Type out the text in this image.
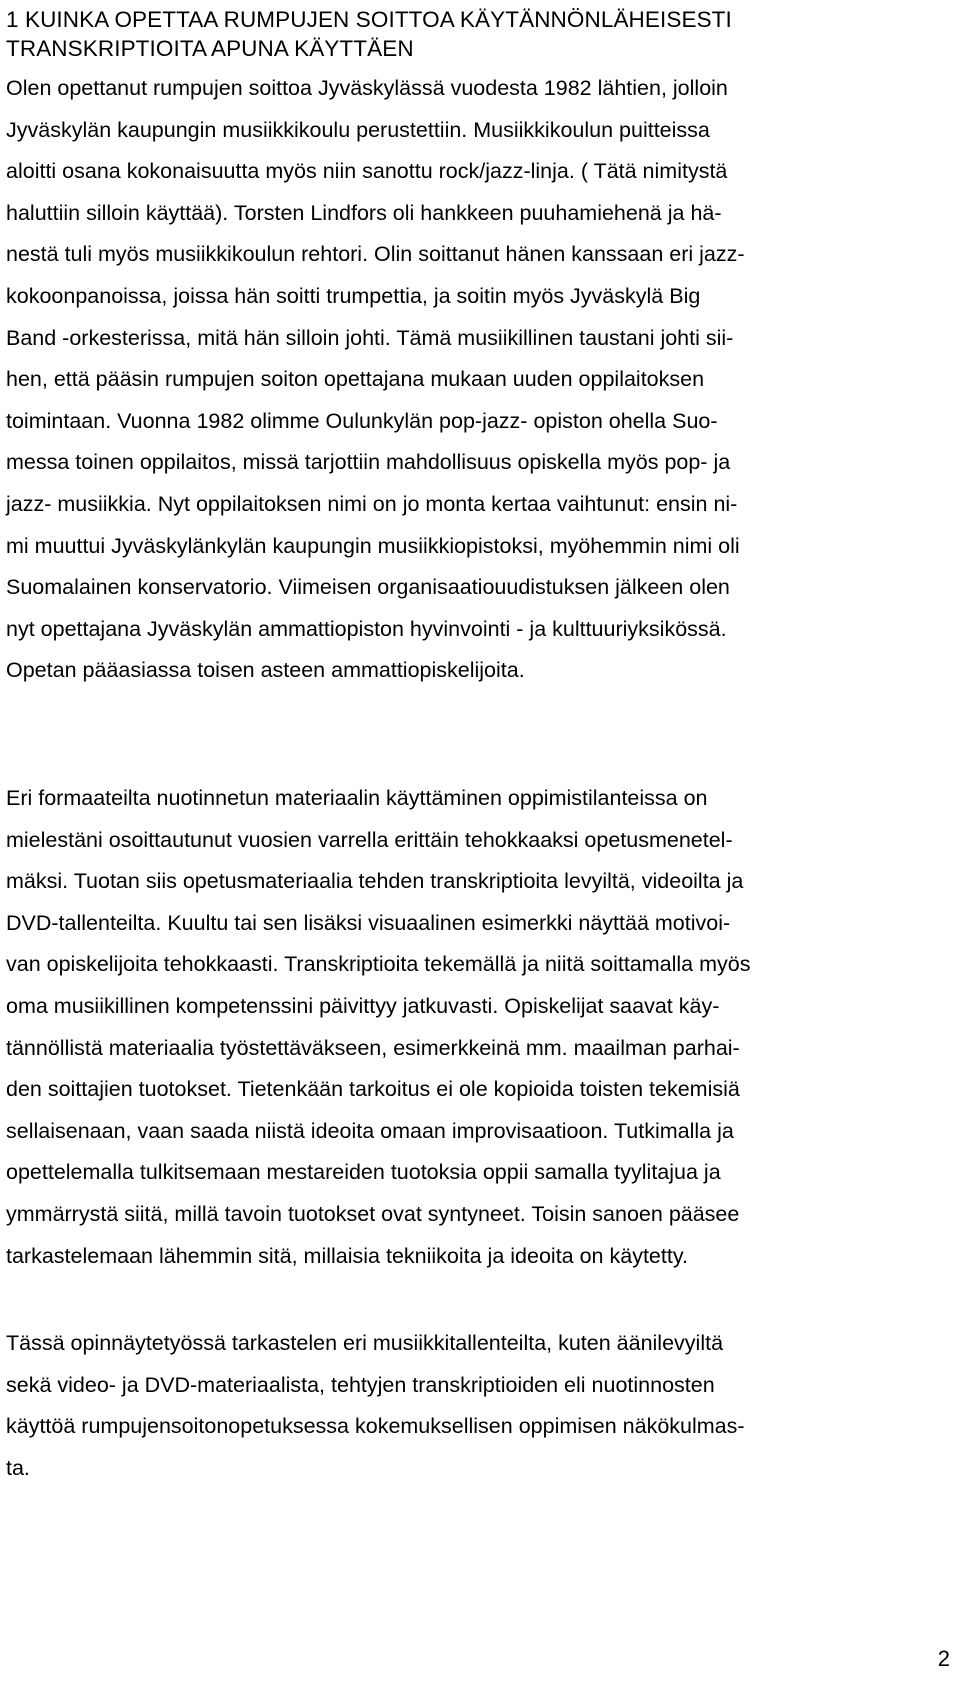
1 KUINKA OPETTAA RUMPUJEN SOITTOA KÄYTÄNNÖNLÄHEISESTI
TRANSKRIPTIOITA APUNA KÄYTTÄEN

Olen opettanut rumpujen soittoa Jyväskylässä vuodesta 1982 lähtien, jolloin
Jyväskylän kaupungin musiikkikoulu perustettiin. Musiikkikoulun puitteissa
aloitti osana kokonaisuutta myös niin sanottu rock/jazz-linja. ( Tätä nimitystä
haluttiin silloin käyttää). Torsten Lindfors oli hankkeen puuhamiehenä ja hä-
nestä tuli myös musiikkikoulun rehtori. Olin soittanut hänen kanssaan eri jazz-
kokoonpanoissa, joissa hän soitti trumpettia, ja soitin myös Jyväskylä Big
Band -orkesterissa, mitä hän silloin johti. Tämä musiikillinen taustani johti sii-
hen, että pääsin rumpujen soiton opettajana mukaan uuden oppilaitoksen
toimintaan. Vuonna 1982 olimme Oulunkylän pop-jazz- opiston ohella Suo-
messa toinen oppilaitos, missä tarjottiin mahdollisuus opiskella myös pop- ja
jazz- musiikkia. Nyt oppilaitoksen nimi on jo monta kertaa vaihtunut: ensin ni-
mi muuttui Jyväskylänkylän kaupungin musiikkiopistoksi, myöhemmin nimi oli
Suomalainen konservatorio. Viimeisen organisaatiouudistuksen jälkeen olen
nyt opettajana Jyväskylän ammattiopiston hyvinvointi - ja kulttuuriyksikössä.
Opetan pääasiassa toisen asteen ammattiopiskelijoita.

Eri formaateilta nuotinnetun materiaalin käyttäminen oppimistilanteissa on
mielestäni osoittautunut vuosien varrella erittäin tehokkaaksi opetusmenetel-
mäksi. Tuotan siis opetusmateriaalia tehden transkriptioita levyiltä, videoilta ja
DVD-tallenteilta. Kuultu tai sen lisäksi visuaalinen esimerkki näyttää motivoi-
van opiskelijoita tehokkaasti. Transkriptioita tekemällä ja niitä soittamalla myös
oma musiikillinen kompetenssini päivittyy jatkuvasti. Opiskelijat saavat käy-
tännöllistä materiaalia työstettäväkseen, esimerkkeinä mm. maailman parhai-
den soittajien tuotokset. Tietenkään tarkoitus ei ole kopioida toisten tekemisiä
sellaisenaan, vaan saada niistä ideoita omaan improvisaatioon. Tutkimalla ja
opettelemalla tulkitsemaan mestareiden tuotoksia oppii samalla tyylitajua ja
ymmärrystä siitä, millä tavoin tuotokset ovat syntyneet. Toisin sanoen pääsee
tarkastelemaan lähemmin sitä, millaisia tekniikoita ja ideoita on käytetty.

Tässä opinnäytetyössä tarkastelen eri musiikkitallenteilta, kuten äänilevyiltä
sekä video- ja DVD-materiaalista, tehtyjen transkriptioiden eli nuotinnosten
käyttöä rumpujensoitonopetuksessa kokemuksellisen oppimisen näkökulmas-
ta.

2
